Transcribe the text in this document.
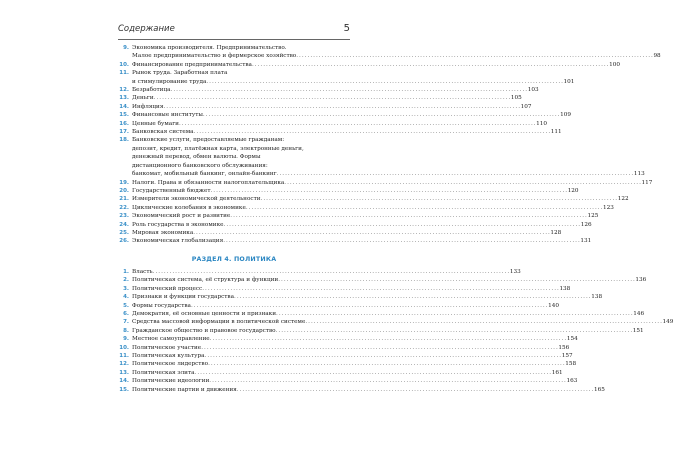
Содержание	5
9. Экономика производителя. Предпринимательство.
Малое предпринимательство и фермерское хозяйство . . .	98
10. Финансирование предпринимательства . . .	100
11. Рынок труда. Заработная плата
и стимулирование труда . . .	101
12. Безработица . . .	103
13. Деньги . . .	105
14. Инфляция . . .	107
15. Финансовые институты . . .	109
16. Ценные бумаги . . .	110
17. Банковская система . . .	111
18. Банковские услуги, предоставляемые гражданам:
депозит, кредит, платёжная карта, электронные деньги,
денежный перевод, обмен валюты. Формы
дистанционного банковского обслуживания:
банкомат, мобильный банкинг, онлайн-банкинг . . .	113
19. Налоги. Права и обязанности налогоплательщика . . .	117
20. Государственный бюджет . . .	120
21. Измерители экономической деятельности . . .	122
22. Циклические колебания в экономике . . .	123
23. Экономический рост и развитие . . .	125
24. Роль государства в экономике . . .	126
25. Мировая экономика . . .	128
26. Экономическая глобализация . . .	131
РАЗДЕЛ 4. ПОЛИТИКА
1. Власть . . .	133
2. Политическая система, её структура и функции . . .	136
3. Политический процесс . . .	138
4. Признаки и функции государства . . .	138
5. Формы государства . . .	140
6. Демократия, её основные ценности и признаки . . .	146
7. Средства массовой информации в политической системе . . .	149
8. Гражданское общество и правовое государство . . .	151
9. Местное самоуправление . . .	154
10. Политическое участие . . .	156
11. Политическая культура . . .	157
12. Политическое лидерство . . .	158
13. Политическая элита . . .	161
14. Политические идеологии . . .	163
15. Политические партии и движения . . .	165
